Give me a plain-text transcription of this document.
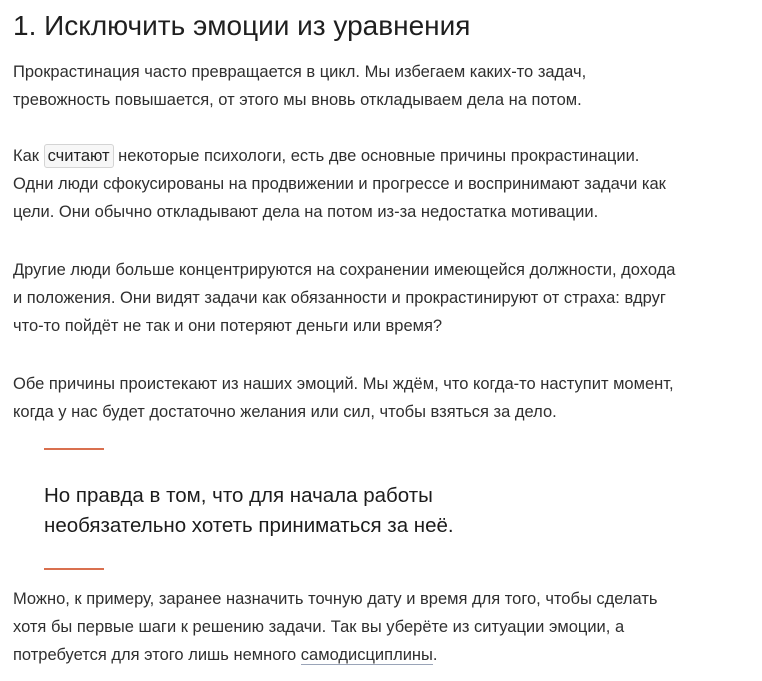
1. Исключить эмоции из уравнения

Прокрастинация часто превращается в цикл. Мы избегаем каких-то задач,
тревожность повышается, от этого мы вновь откладываем дела на потом.

Как считают некоторые психологи, есть две основные причины прокрастинации.
Одни люди сфокусированы на продвижении и прогрессе и воспринимают задачи как
цели. Они обычно откладывают дела на потом из-за недостатка мотивации.

Другие люди больше концентрируются на сохранении имеющейся должности, дохода
и положения. Они видят задачи как обязанности и прокрастинируют от страха: вдруг
что-то пойдёт не так и они потеряют деньги или время?

Обе причины проистекают из наших эмоций. Мы ждём, что когда-то наступит момент,
когда у нас будет достаточно желания или сил, чтобы взяться за дело.

Но правда в том, что для начала работы
необязательно хотеть приниматься за неё.

Можно, к примеру, заранее назначить точную дату и время для того, чтобы сделать
хотя бы первые шаги к решению задачи. Так вы уберёте из ситуации эмоции, а
потребуется для этого лишь немного самодисциплины.
